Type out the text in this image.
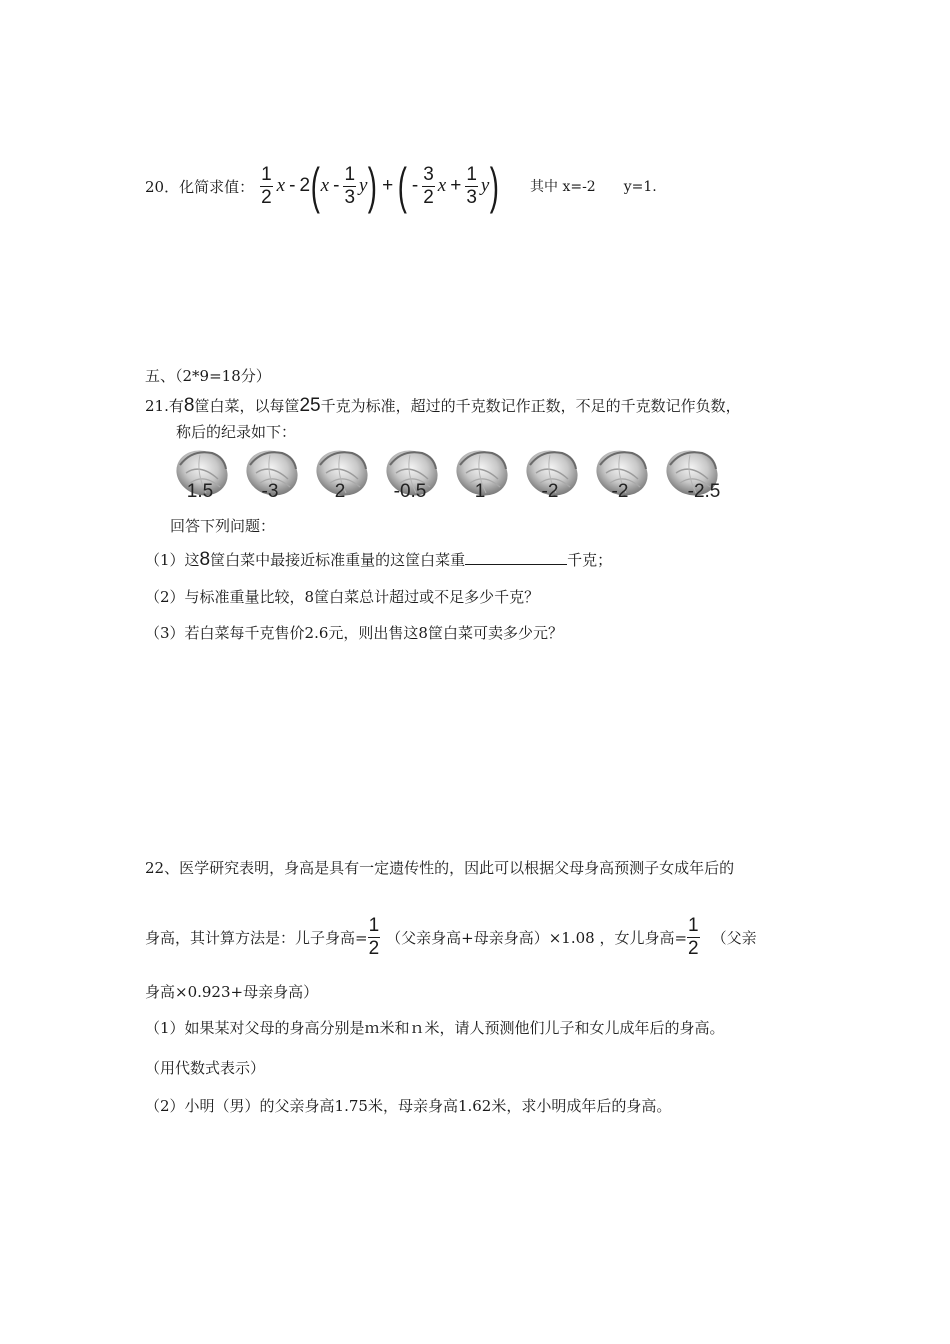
20．化简求值： $\frac{1}{2}$ x - 2 ( x - $\frac{1}{3}$ y ) + ( - $\frac{3}{2}$ $x + \frac{1}{3}$ y ) 其中 x=-2　　y=1.
五、（2*9=18分）
21.有8筐白菜，以每筐25千克为标准，超过的千克数记作正数，不足的千克数记作负数，
称后的纪录如下：
1.5	-3	2	-0.5	1	-2	-2	-2.5
回答下列问题：
（1）这8筐白菜中最接近标准重量的这筐白菜重	千克；
（2）与标准重量比较，8筐白菜总计超过或不足多少千克？
（3）若白菜每千克售价2.6元，则出售这8筐白菜可卖多少元？
22、医学研究表明，身高是具有一定遗传性的，因此可以根据父母身高预测子女成年后的
身高，其计算方法是：儿子身高= $\frac{1}{2}$ （父亲身高+母亲身高）×1.08 ，女儿身高= $\frac{1}{2}$ （父亲
身高×0.923+母亲身高）
（1）如果某对父母的身高分别是ｍ米和ｎ米，请人预测他们儿子和女儿成年后的身高。
（用代数式表示）
（2）小明（男）的父亲身高1.75米，母亲身高1.62米，求小明成年后的身高。
